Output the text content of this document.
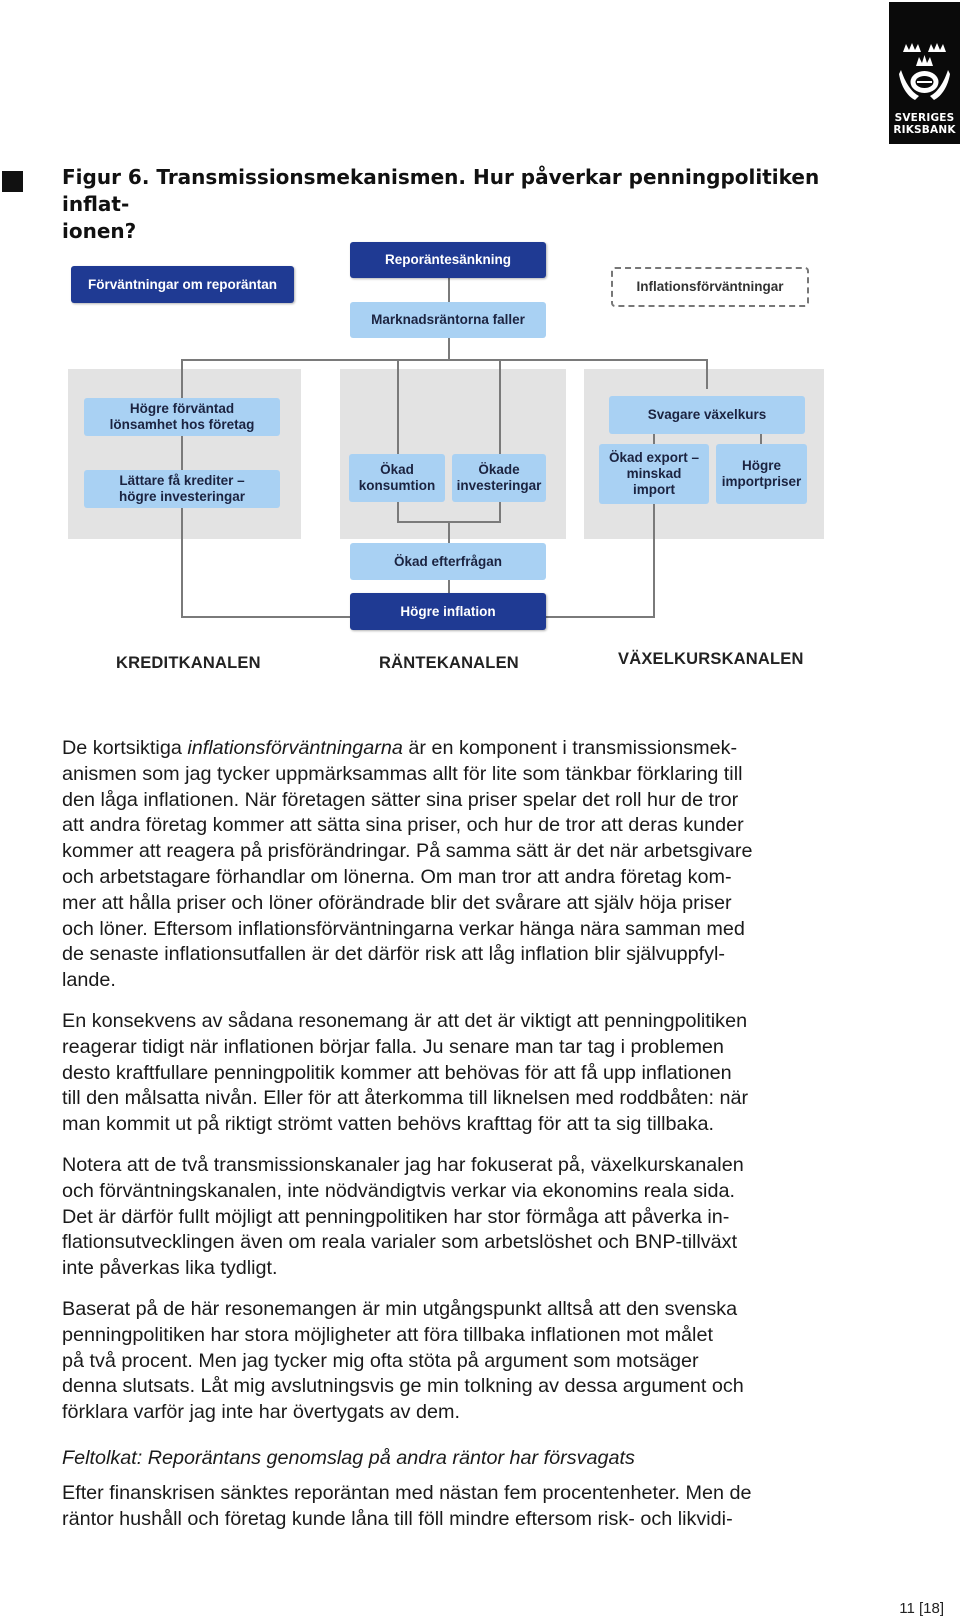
SVERIGES
RIKSBANK
Figur 6. Transmissionsmekanismen. Hur påverkar penningpolitiken inflat-
ionen?
Reporäntesänkning
Förväntningar om reporäntan
Marknadsräntorna faller
Inflationsförväntningar
Högre förväntad
lönsamhet hos företag
Lättare få krediter –
högre investeringar
Ökad
konsumtion
Ökade
investeringar
Svagare växelkurs
Ökad export –
minskad
import
Högre
importpriser
Ökad efterfrågan
Högre inflation
KREDITKANALEN	RÄNTEKANALEN	VÄXELKURSKANALEN

De kortsiktiga inflationsförväntningarna är en komponent i transmissionsmek-
anismen som jag tycker uppmärksammas allt för lite som tänkbar förklaring till
den låga inflationen. När företagen sätter sina priser spelar det roll hur de tror
att andra företag kommer att sätta sina priser, och hur de tror att deras kunder
kommer att reagera på prisförändringar. På samma sätt är det när arbetsgivare
och arbetstagare förhandlar om lönerna. Om man tror att andra företag kom-
mer att hålla priser och löner oförändrade blir det svårare att själv höja priser
och löner. Eftersom inflationsförväntningarna verkar hänga nära samman med
de senaste inflationsutfallen är det därför risk att låg inflation blir självuppfyl-
lande.

En konsekvens av sådana resonemang är att det är viktigt att penningpolitiken
reagerar tidigt när inflationen börjar falla. Ju senare man tar tag i problemen
desto kraftfullare penningpolitik kommer att behövas för att få upp inflationen
till den målsatta nivån. Eller för att återkomma till liknelsen med roddbåten: när
man kommit ut på riktigt strömt vatten behövs krafttag för att ta sig tillbaka.
Notera att de två transmissionskanaler jag har fokuserat på, växelkurskanalen
och förväntningskanalen, inte nödvändigtvis verkar via ekonomins reala sida.
Det är därför fullt möjligt att penningpolitiken har stor förmåga att påverka in-
flationsutvecklingen även om reala varialer som arbetslöshet och BNP-tillväxt
inte påverkas lika tydligt.
Baserat på de här resonemangen är min utgångspunkt alltså att den svenska
penningpolitiken har stora möjligheter att föra tillbaka inflationen mot målet
på två procent. Men jag tycker mig ofta stöta på argument som motsäger
denna slutsats. Låt mig avslutningsvis ge min tolkning av dessa argument och
förklara varför jag inte har övertygats av dem.
Feltolkat: Reporäntans genomslag på andra räntor har försvagats
Efter finanskrisen sänktes reporäntan med nästan fem procentenheter. Men de
räntor hushåll och företag kunde låna till föll mindre eftersom risk- och likvidi-
11 [18]
